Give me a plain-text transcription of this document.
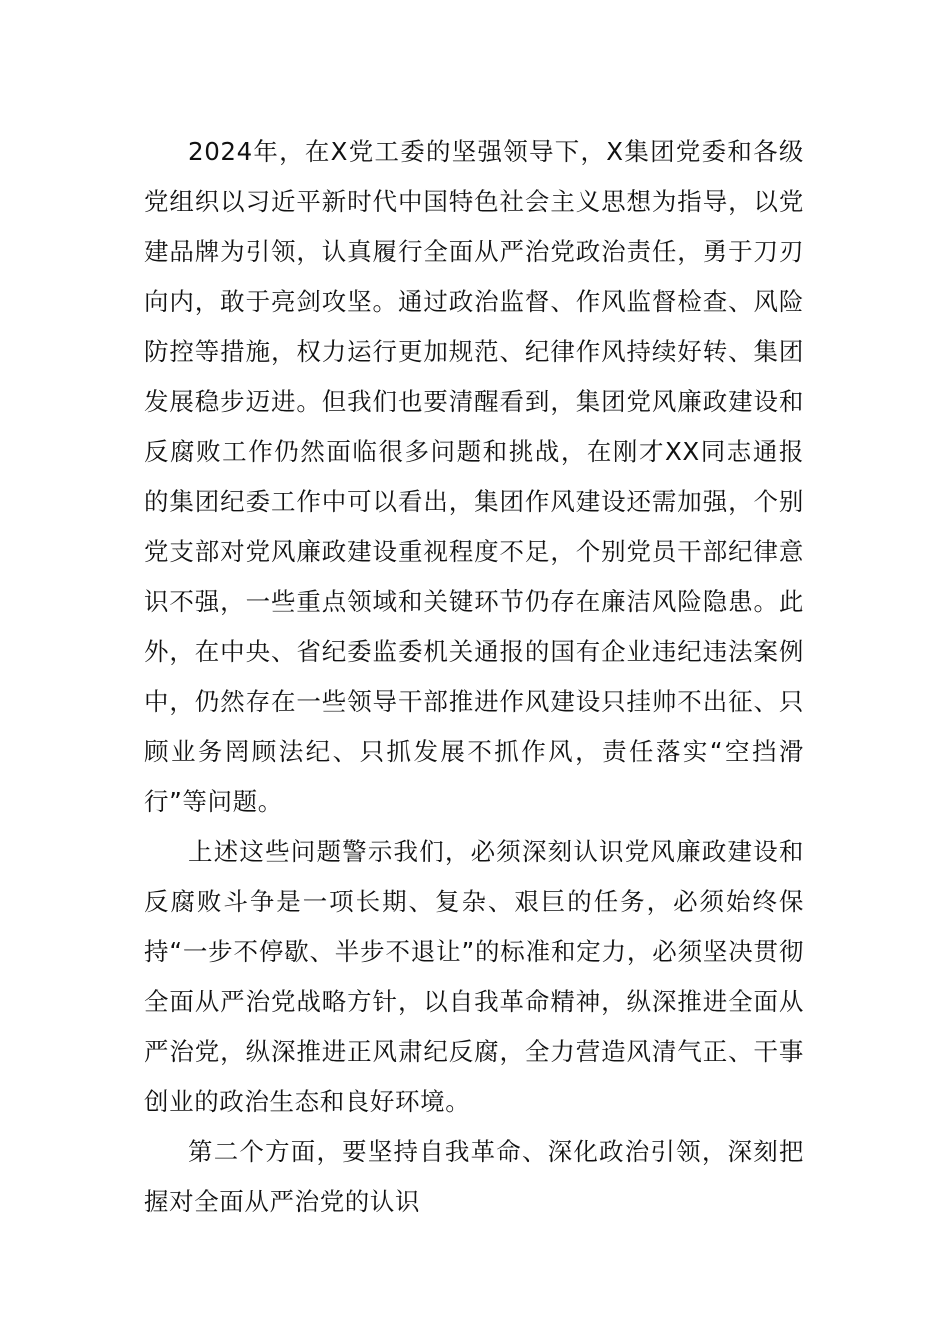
2024年，在X党工委的坚强领导下，X集团党委和各级党组织以习近平新时代中国特色社会主义思想为指导，以党建品牌为引领，认真履行全面从严治党政治责任，勇于刀刃向内，敢于亮剑攻坚。通过政治监督、作风监督检查、风险防控等措施，权力运行更加规范、纪律作风持续好转、集团发展稳步迈进。但我们也要清醒看到，集团党风廉政建设和反腐败工作仍然面临很多问题和挑战，在刚才XX同志通报的集团纪委工作中可以看出，集团作风建设还需加强，个别党支部对党风廉政建设重视程度不足，个别党员干部纪律意识不强，一些重点领域和关键环节仍存在廉洁风险隐患。此外，在中央、省纪委监委机关通报的国有企业违纪违法案例中，仍然存在一些领导干部推进作风建设只挂帅不出征、只顾业务罔顾法纪、只抓发展不抓作风，责任落实“空挡滑行”等问题。

上述这些问题警示我们，必须深刻认识党风廉政建设和反腐败斗争是一项长期、复杂、艰巨的任务，必须始终保持“一步不停歇、半步不退让”的标准和定力，必须坚决贯彻全面从严治党战略方针，以自我革命精神，纵深推进全面从严治党，纵深推进正风肃纪反腐，全力营造风清气正、干事创业的政治生态和良好环境。

第二个方面，要坚持自我革命、深化政治引领，深刻把握对全面从严治党的认识
